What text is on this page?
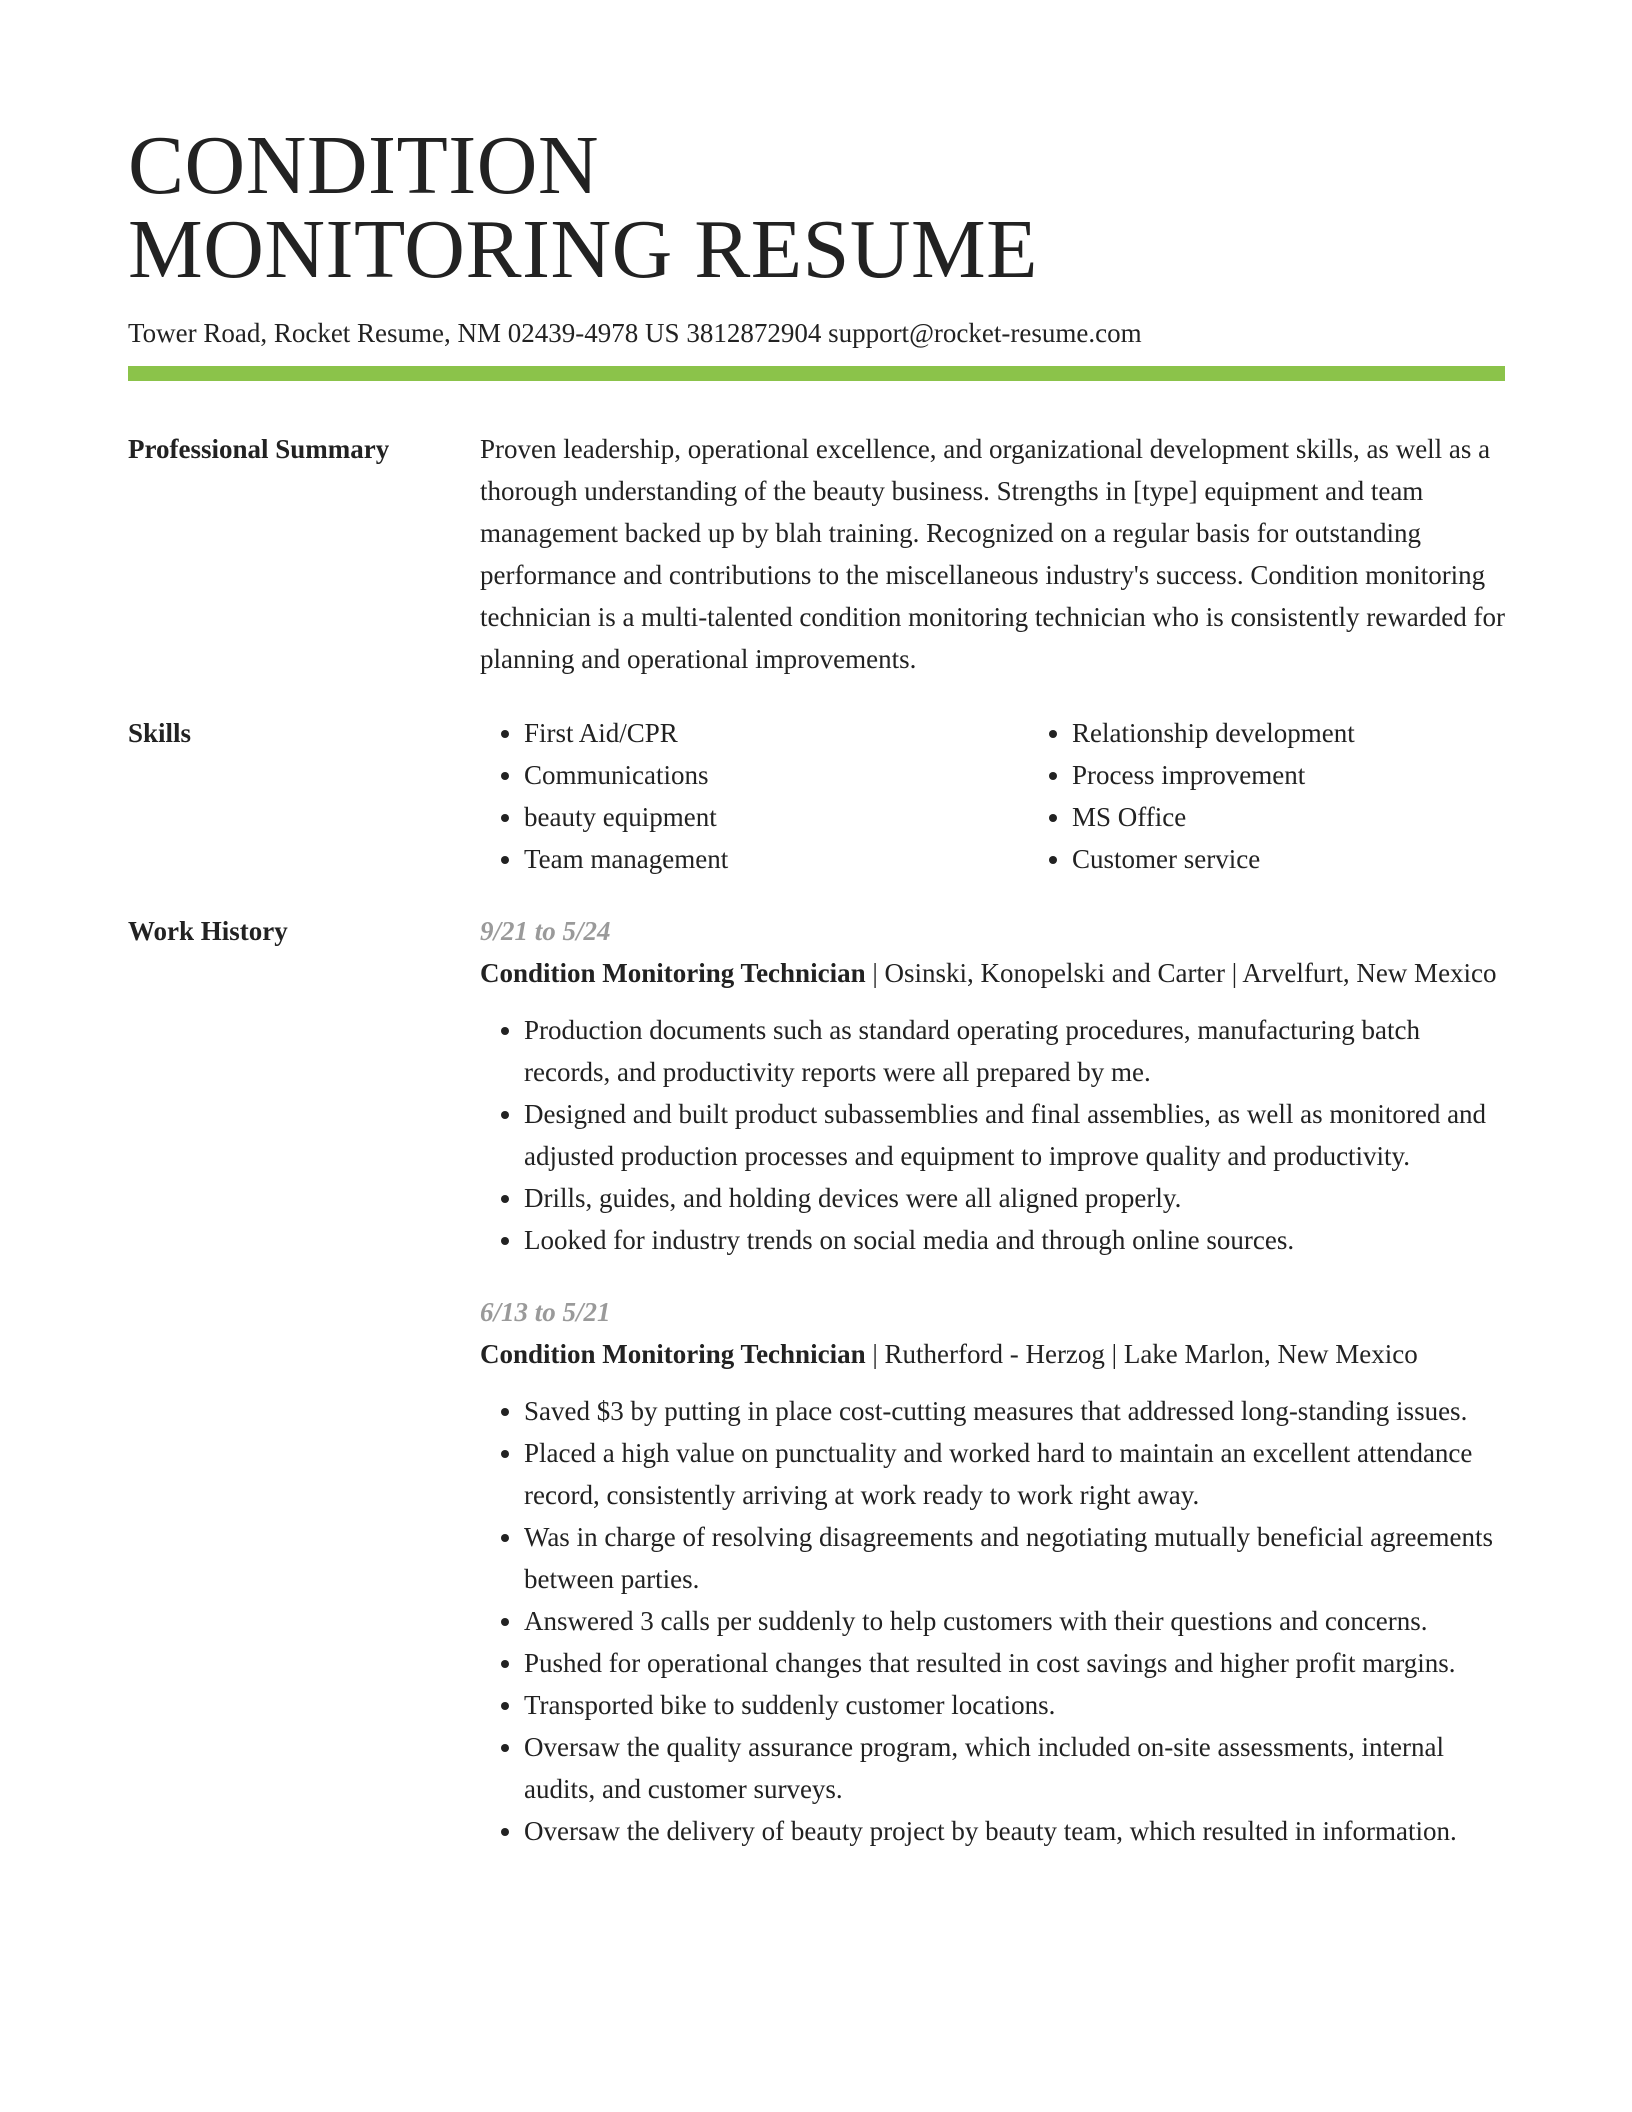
CONDITION
MONITORING RESUME
Tower Road, Rocket Resume, NM 02439-4978 US 3812872904 support@rocket-resume.com
Professional Summary	Proven leadership, operational excellence, and organizational development skills, as well as a thorough understanding of the beauty business. Strengths in [type] equipment and team management backed up by blah training. Recognized on a regular basis for outstanding performance and contributions to the miscellaneous industry's success. Condition monitoring technician is a multi-talented condition monitoring technician who is consistently rewarded for planning and operational improvements.

Skills
•	First Aid/CPR
• Communications
• beauty equipment
• Team management
• Relationship development
• Process improvement
• MS Office
• Customer service
Work History	9/21 to 5/24

Condition Monitoring Technician | Osinski, Konopelski and Carter | Arvelfurt, New Mexico

• Production documents such as standard operating procedures, manufacturing batch records, and productivity reports were all prepared by me.
• Designed and built product subassemblies and final assemblies, as well as monitored and adjusted production processes and equipment to improve quality and productivity.
• Drills, guides, and holding devices were all aligned properly.
• Looked for industry trends on social media and through online sources.
6/13 to 5/21

Condition Monitoring Technician | Rutherford - Herzog | Lake Marlon, New Mexico

• Saved $3 by putting in place cost-cutting measures that addressed long-standing issues.
• Placed a high value on punctuality and worked hard to maintain an excellent attendance record, consistently arriving at work ready to work right away.
• Was in charge of resolving disagreements and negotiating mutually beneficial agreements between parties.
• Answered 3 calls per suddenly to help customers with their questions and concerns.
• Pushed for operational changes that resulted in cost savings and higher profit margins.
• Transported bike to suddenly customer locations.
• Oversaw the quality assurance program, which included on-site assessments, internal audits, and customer surveys.
• Oversaw the delivery of beauty project by beauty team, which resulted in information.
